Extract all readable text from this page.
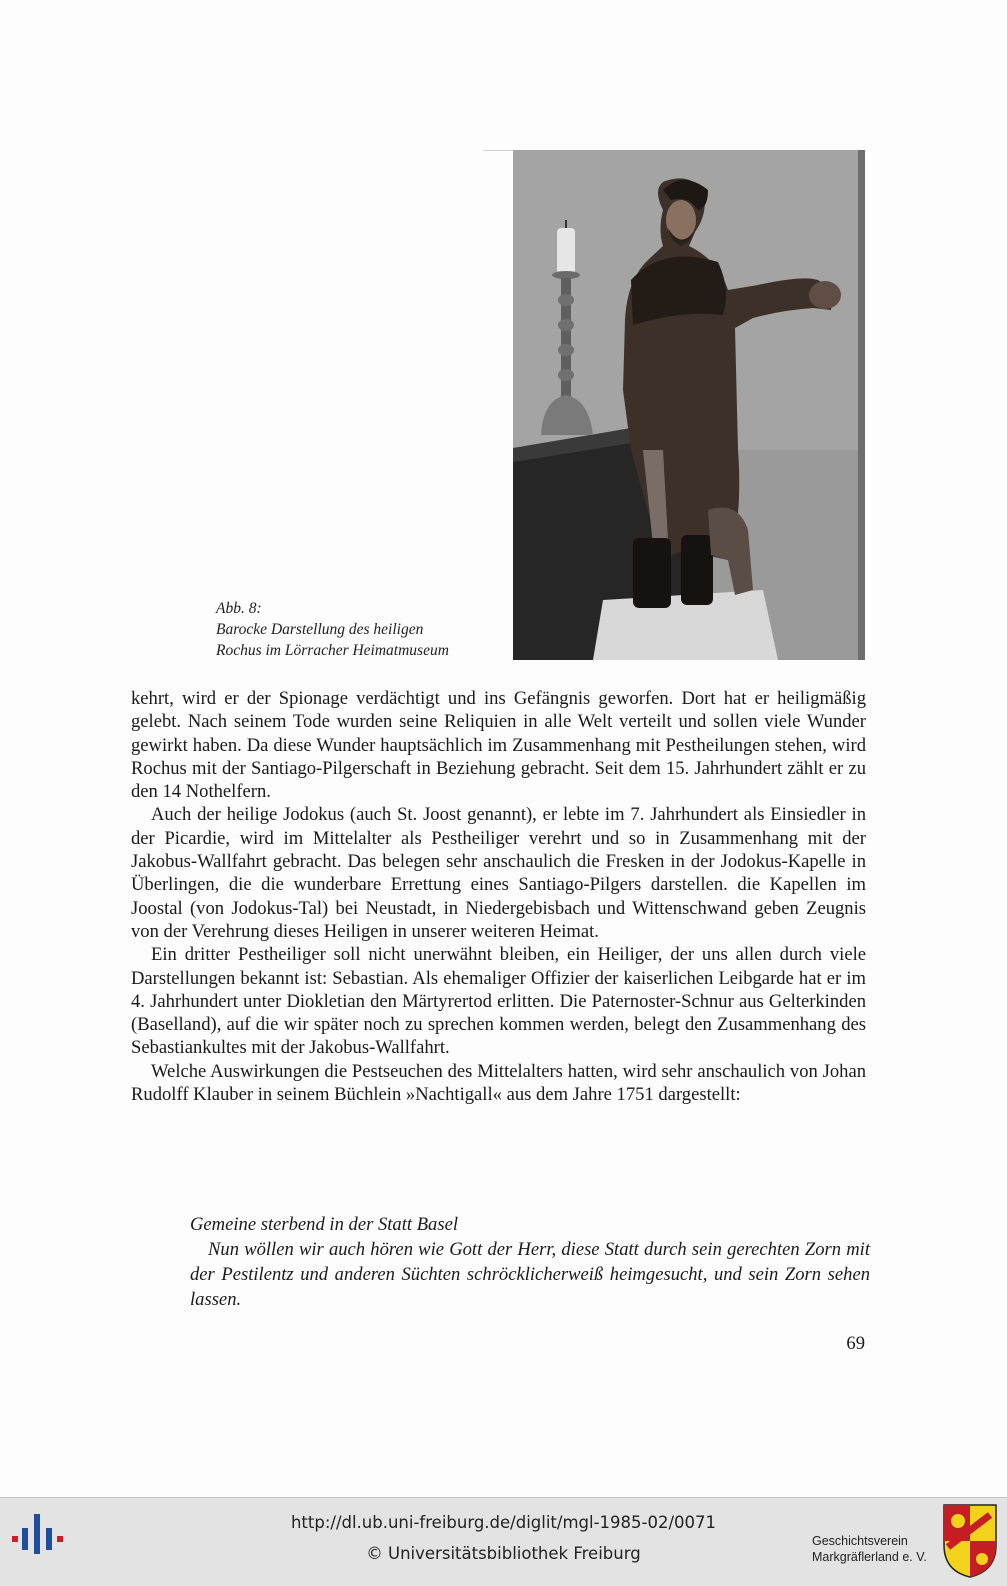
Abb. 8:
Barocke Darstellung des heiligen
Rochus im Lörracher Heimatmuseum

kehrt, wird er der Spionage verdächtigt und ins Gefängnis geworfen. Dort hat er heiligmäßig gelebt. Nach seinem Tode wurden seine Reliquien in alle Welt verteilt und sollen viele Wunder gewirkt haben. Da diese Wunder hauptsächlich im Zusammenhang mit Pestheilungen stehen, wird Rochus mit der Santiago-Pilgerschaft in Beziehung gebracht. Seit dem 15. Jahrhundert zählt er zu den 14 Nothelfern.

Auch der heilige Jodokus (auch St. Joost genannt), er lebte im 7. Jahrhundert als Einsiedler in der Picardie, wird im Mittelalter als Pestheiliger verehrt und so in Zusammenhang mit der Jakobus-Wallfahrt gebracht. Das belegen sehr anschaulich die Fresken in der Jodokus-Kapelle in Überlingen, die die wunderbare Errettung eines Santiago-Pilgers darstellen. die Kapellen im Joostal (von Jodokus-Tal) bei Neustadt, in Niedergebisbach und Wittenschwand geben Zeugnis von der Verehrung dieses Heiligen in unserer weiteren Heimat.

Ein dritter Pestheiliger soll nicht unerwähnt bleiben, ein Heiliger, der uns allen durch viele Darstellungen bekannt ist: Sebastian. Als ehemaliger Offizier der kaiserlichen Leibgarde hat er im 4. Jahrhundert unter Diokletian den Märtyrertod erlitten. Die Paternoster-Schnur aus Gelterkinden (Baselland), auf die wir später noch zu sprechen kommen werden, belegt den Zusammenhang des Sebastiankultes mit der Jakobus-Wallfahrt.

Welche Auswirkungen die Pestseuchen des Mittelalters hatten, wird sehr anschaulich von Johan Rudolff Klauber in seinem Büchlein »Nachtigall« aus dem Jahre 1751 dargestellt:

Gemeine sterbend in der Statt Basel

Nun wöllen wir auch hören wie Gott der Herr, diese Statt durch sein gerechten Zorn mit der Pestilentz und anderen Süchten schröcklicherweiß heimgesucht, und sein Zorn sehen lassen.

69
http://dl.ub.uni-freiburg.de/diglit/mgl-1985-02/0071
© Universitätsbibliothek Freiburg
Geschichtsverein
Markgräflerland e. V.
